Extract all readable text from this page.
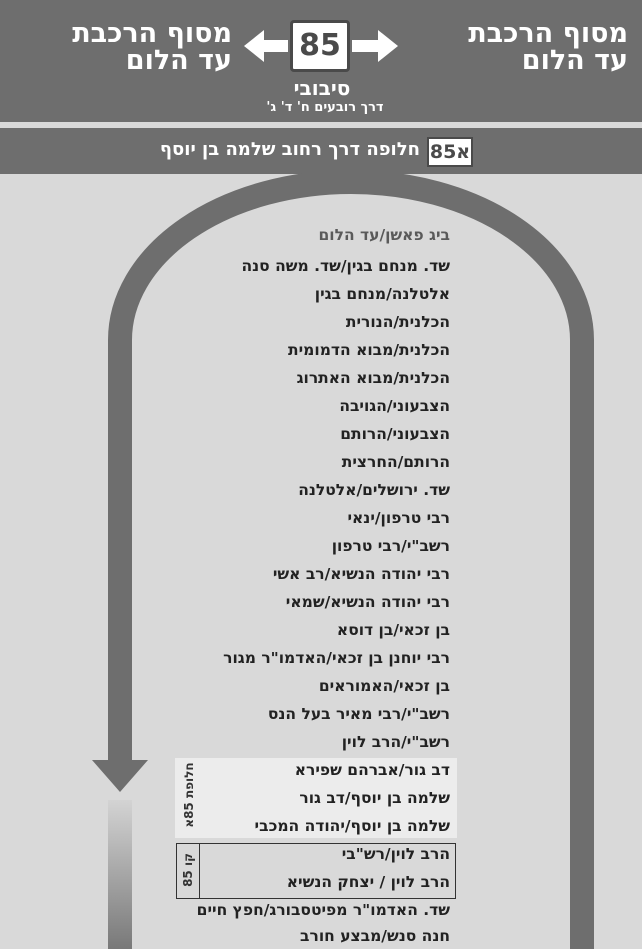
מסוף הרכבת
עד הלום
מסוף הרכבת
עד הלום	85
סיבובי
דרך רובעים ח' ד' ג'
85א
חלופה דרך רחוב שלמה בן יוסף
חלופת 85א
קו 85
ביג פאשן/עד הלום
שד. מנחם בגין/שד. משה סנה
אלטלנה/מנחם בגין
הכלנית/הנורית
הכלנית/מבוא הדמומית
הכלנית/מבוא האתרוג
הצבעוני/הגויבה
הצבעוני/הרותם
הרותם/החרצית
שד. ירושלים/אלטלנה
רבי טרפון/ינאי
רשב"י/רבי טרפון
רבי יהודה הנשיא/רב אשי
רבי יהודה הנשיא/שמאי
בן זכאי/בן דוסא
רבי יוחנן בן זכאי/האדמו"ר מגור
בן זכאי/האמוראים
רשב"י/רבי מאיר בעל הנס
רשב"י/הרב לוין
דב גור/אברהם שפירא
שלמה בן יוסף/דב גור
שלמה בן יוסף/יהודה המכבי
הרב לוין/רש"בי
הרב לוין / יצחק הנשיא
שד. האדמו"ר מפיטסבורג/חפץ חיים
חנה סנש/מבצע חורב
